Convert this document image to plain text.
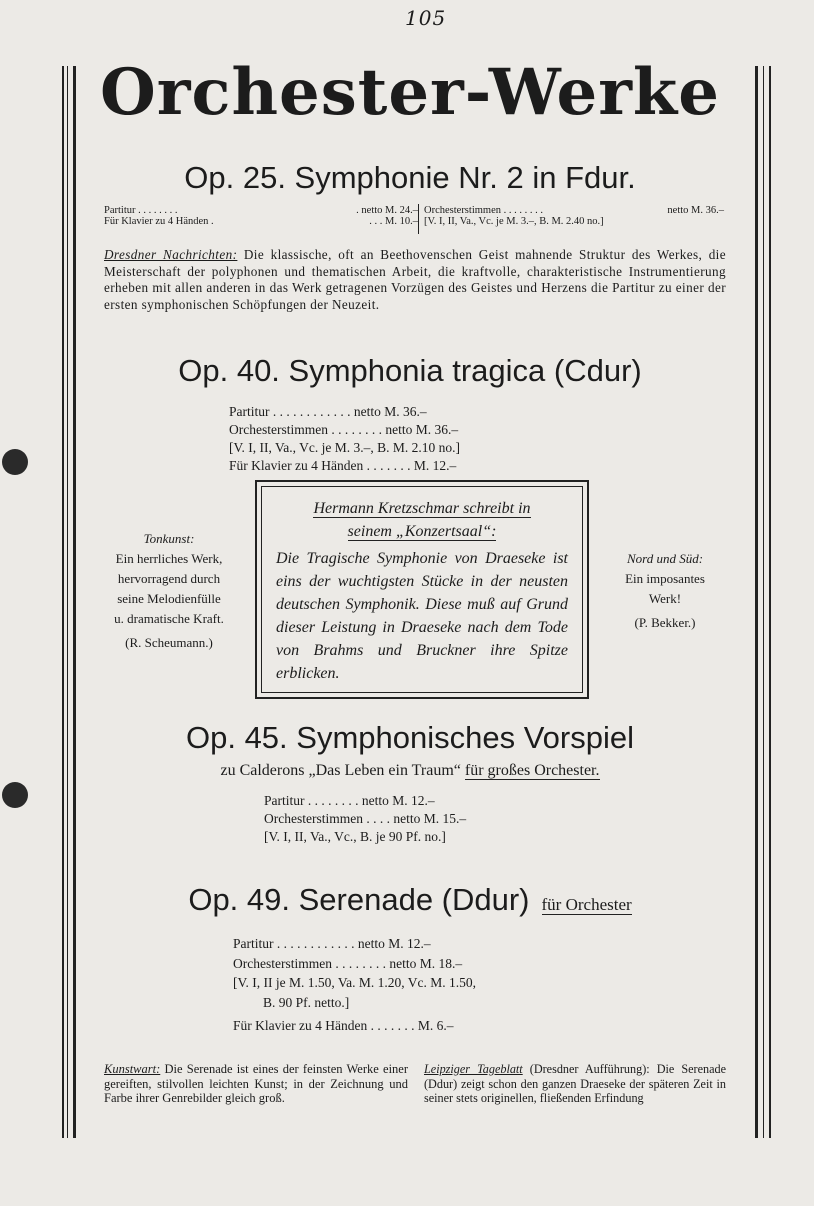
105
Orchester-Werke
Op. 25. Symphonie Nr. 2 in Fdur.
Partitur . . . . . . . .	. netto M. 24.–
Für Klavier zu 4 Händen .	. . . M. 10.–
Orchesterstimmen . . . . . . . .	netto M. 36.–
[V. I, II, Va., Vc. je M. 3.–, B. M. 2.40 no.]
Dresdner Nachrichten: Die klassische, oft an Beethovenschen Geist mahnende Struktur des Werkes, die Meisterschaft der polyphonen und thematischen Arbeit, die kraftvolle, charakteristische Instrumentierung erheben mit allen anderen in das Werk getragenen Vorzügen des Geistes und Herzens die Partitur zu einer der ersten symphonischen Schöpfungen der Neuzeit.
Op. 40. Symphonia tragica (Cdur)
Partitur . . . . . . . . . . . . netto M. 36.–
Orchesterstimmen . . . . . . . . netto M. 36.–
[V. I, II, Va., Vc. je M. 3.–, B. M. 2.10 no.]
Für Klavier zu 4 Händen . . . . . . . M. 12.–
Tonkunst:
Ein herrliches Werk,
hervorragend durch
seine Melodienfülle
u. dramatische Kraft.
(R. Scheumann.)
Hermann Kretzschmar schreibt in
seinem „Konzertsaal“:
Die Tragische Symphonie von Draeseke ist eins der wuchtigsten Stücke in der neusten deutschen Symphonik. Diese muß auf Grund dieser Leistung in Draeseke nach dem Tode von Brahms und Bruckner ihre Spitze erblicken.
Nord und Süd:
Ein imposantes
Werk!
(P. Bekker.)
Op. 45. Symphonisches Vorspiel
zu Calderons „Das Leben ein Traum“ für großes Orchester.
Partitur . . . . . . . . netto M. 12.–
Orchesterstimmen . . . . netto M. 15.–
[V. I, II, Va., Vc., B. je 90 Pf. no.]
Op. 49. Serenade (Ddur) für Orchester
Partitur . . . . . . . . . . . . netto M. 12.–
Orchesterstimmen . . . . . . . . netto M. 18.–
[V. I, II je M. 1.50, Va. M. 1.20, Vc. M. 1.50,
B. 90 Pf. netto.]
Für Klavier zu 4 Händen . . . . . . . M. 6.–
Kunstwart: Die Serenade ist eines der feinsten Werke einer gereiften, stilvollen leichten Kunst; in der Zeichnung und Farbe ihrer Genrebilder gleich groß.
Leipziger Tageblatt (Dresdner Aufführung): Die Serenade (Ddur) zeigt schon den ganzen Draeseke der späteren Zeit in seiner stets originellen, fließenden Erfindung
